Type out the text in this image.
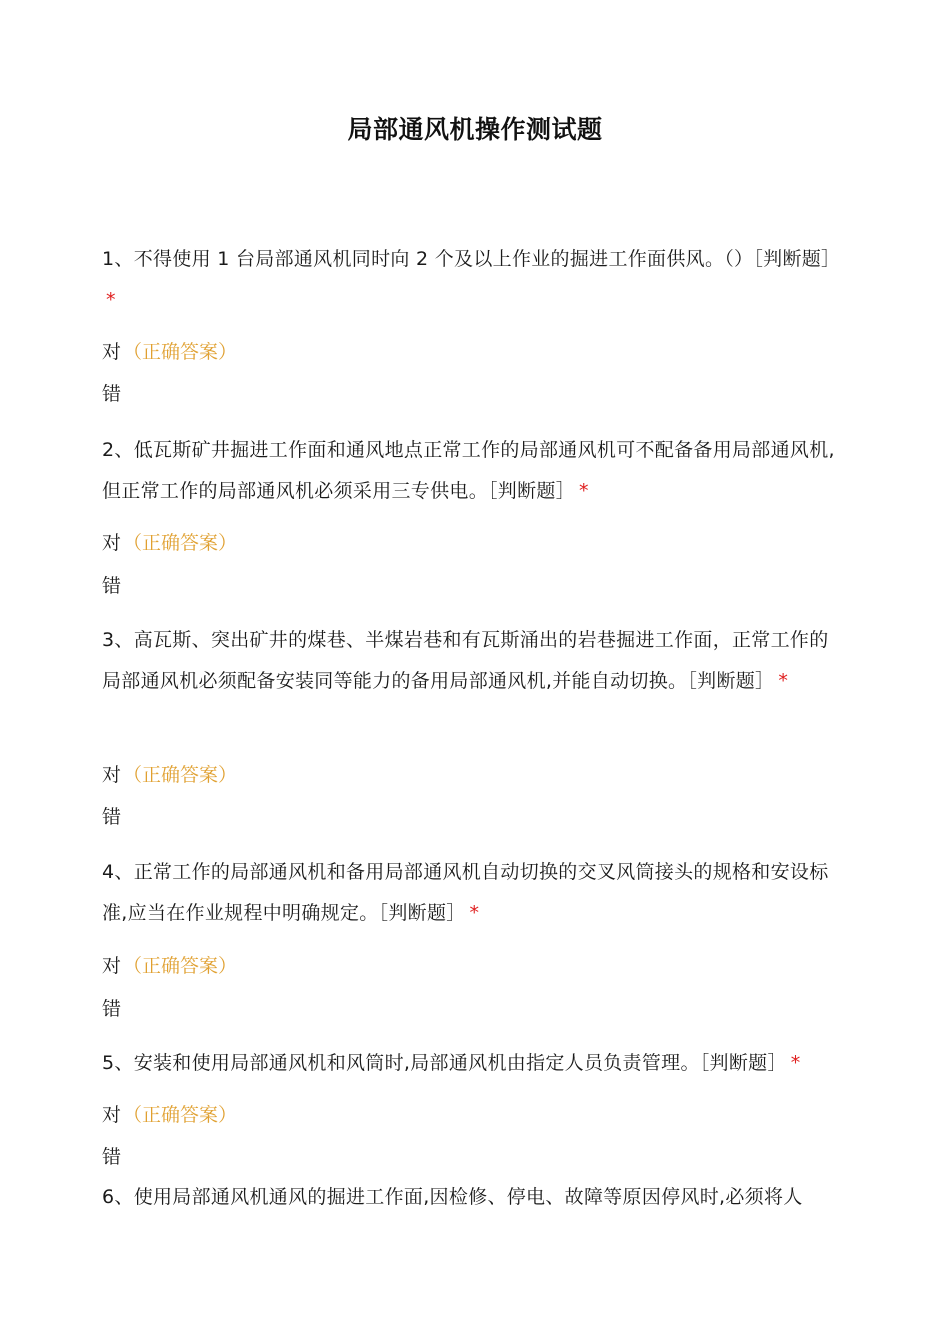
局部通风机操作测试题
1、不得使用 1 台局部通风机同时向 2 个及以上作业的掘进工作面供风。（）［判断题］*
对 （正确答案）
错
2、低瓦斯矿井掘进工作面和通风地点正常工作的局部通风机可不配备备用局部通风机,但正常工作的局部通风机必须采用三专供电。［判断题］ *
对 （正确答案）
错
3、高瓦斯、突出矿井的煤巷、半煤岩巷和有瓦斯涌出的岩巷掘进工作面，正常工作的局部通风机必须配备安装同等能力的备用局部通风机,并能自动切换。［判断题］ *
对 （正确答案）
错
4、正常工作的局部通风机和备用局部通风机自动切换的交叉风筒接头的规格和安设标准,应当在作业规程中明确规定。［判断题］ *
对 （正确答案）
错
5、安装和使用局部通风机和风筒时,局部通风机由指定人员负责管理。［判断题］ *
对 （正确答案）
错
6、使用局部通风机通风的掘进工作面,因检修、停电、故障等原因停风时,必须将人
